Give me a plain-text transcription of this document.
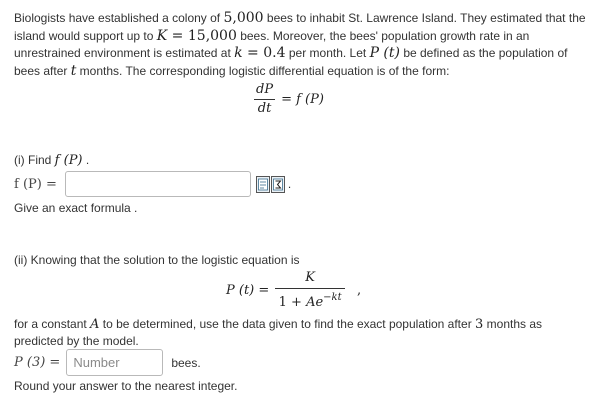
Biologists have established a colony of 5,000 bees to inhabit St. Lawrence Island. They estimated that the island would support up to K = 15,000 bees. Moreover, the bees' population growth rate in an unrestrained environment is estimated at k = 0.4 per month. Let P (t) be defined as the population of bees after t months. The corresponding logistic differential equation is of the form:
$\frac{dP}{dt} = f$ (P)
(i) Find f (P) .
f (P) =	.
Give an exact formula .
(ii) Knowing that the solution to the logistic equation is
P $(t) = \frac{K}{1 + Ae^{-kt}}$ ,
for a constant A to be determined, use the data given to find the exact population after 3 months as predicted by the model.
P (3) =
Number	bees.
Round your answer to the nearest integer.
